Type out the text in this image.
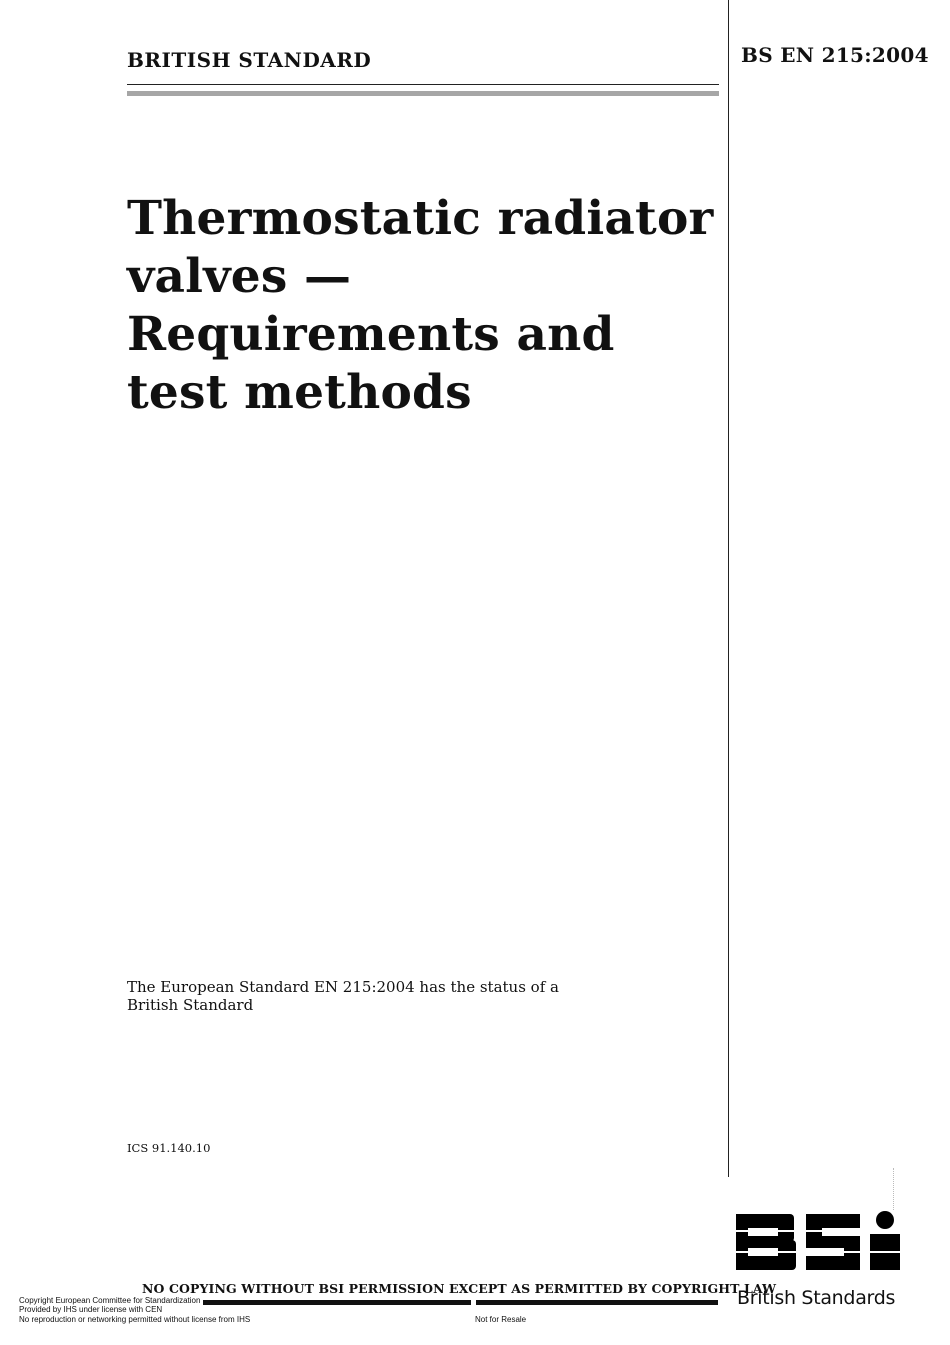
BRITISH STANDARD	BS EN 215:2004
Thermostatic radiator valves — Requirements and test methods
The European Standard EN 215:2004 has the status of a British Standard
ICS 91.140.10
British Standards
NO COPYING WITHOUT BSI PERMISSION EXCEPT AS PERMITTED BY COPYRIGHT LAW
Copyright European Committee for Standardization
Provided by IHS under license with CEN
No reproduction or networking permitted without license from IHS	Not for Resale
